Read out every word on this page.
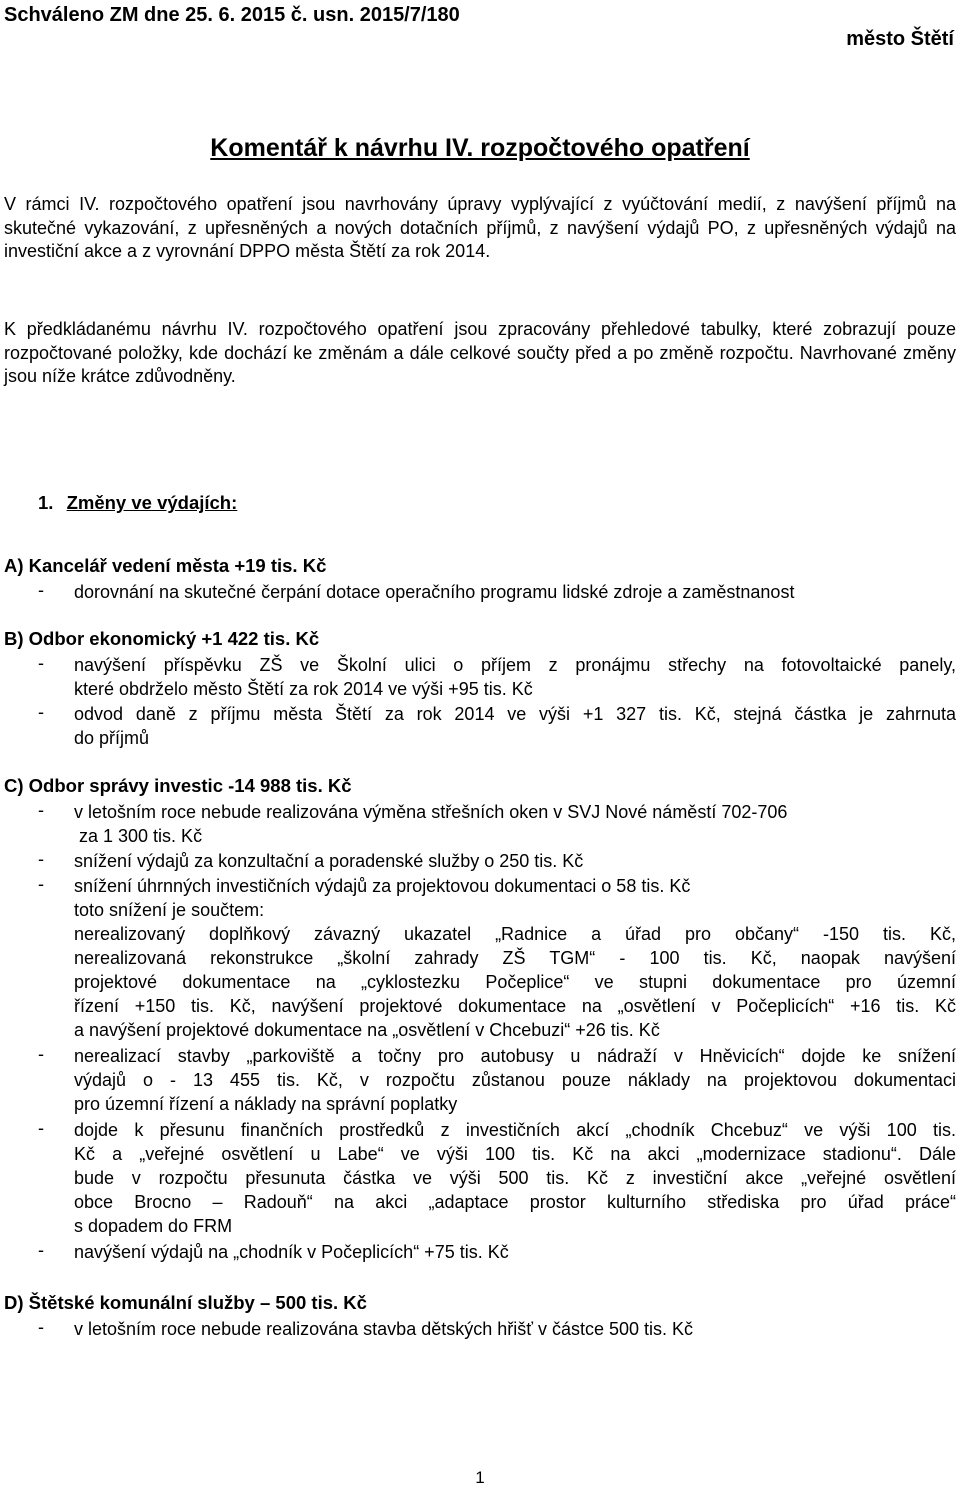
Schváleno ZM dne 25. 6. 2015 č. usn. 2015/7/180
město Štětí
Komentář k návrhu IV. rozpočtového opatření
V rámci IV. rozpočtového opatření jsou navrhovány úpravy vyplývající z vyúčtování medií, z navýšení příjmů na skutečné vykazování, z upřesněných a nových dotačních příjmů, z navýšení výdajů PO, z upřesněných výdajů na investiční akce a z vyrovnání DPPO města Štětí za rok 2014.
K předkládanému návrhu IV. rozpočtového opatření jsou zpracovány přehledové tabulky, které zobrazují pouze rozpočtované položky, kde dochází ke změnám a dále celkové součty před a po změně rozpočtu. Navrhované změny jsou níže krátce zdůvodněny.
1. Změny ve výdajích:
A) Kancelář vedení města +19 tis. Kč
- dorovnání na skutečné čerpání dotace operačního programu lidské zdroje a zaměstnanost
B) Odbor ekonomický +1 422 tis. Kč
- navýšení příspěvku ZŠ ve Školní ulici o příjem z pronájmu střechy na fotovoltaické panely,
které obdrželo město Štětí za rok 2014 ve výši +95 tis. Kč
- odvod daně z příjmu města Štětí za rok 2014 ve výši +1 327 tis. Kč, stejná částka je zahrnuta
do příjmů
C) Odbor správy investic -14 988 tis. Kč
- v letošním roce nebude realizována výměna střešních oken v SVJ Nové náměstí 702-706
za 1 300 tis. Kč
- snížení výdajů za konzultační a poradenské služby o 250 tis. Kč
- snížení úhrnných investičních výdajů za projektovou dokumentaci o 58 tis. Kč
toto snížení je součtem:
nerealizovaný doplňkový závazný ukazatel „Radnice a úřad pro občany“ -150 tis. Kč,
nerealizovaná rekonstrukce „školní zahrady ZŠ TGM“ - 100 tis. Kč, naopak navýšení
projektové dokumentace na „cyklostezku Počeplice“ ve stupni dokumentace pro územní
řízení +150 tis. Kč, navýšení projektové dokumentace na „osvětlení v Počeplicích“ +16 tis. Kč
a navýšení projektové dokumentace na „osvětlení v Chcebuzi“ +26 tis. Kč
- nerealizací stavby „parkoviště a točny pro autobusy u nádraží v Hněvicích“ dojde ke snížení
výdajů o - 13 455 tis. Kč, v rozpočtu zůstanou pouze náklady na projektovou dokumentaci
pro územní řízení a náklady na správní poplatky
- dojde k přesunu finančních prostředků z investičních akcí „chodník Chcebuz“ ve výši 100 tis.
Kč a „veřejné osvětlení u Labe“ ve výši 100 tis. Kč na akci „modernizace stadionu“. Dále
bude v rozpočtu přesunuta částka ve výši 500 tis. Kč z investiční akce „veřejné osvětlení
obce Brocno – Radouň“ na akci „adaptace prostor kulturního střediska pro úřad práce“
s dopadem do FRM
- navýšení výdajů na „chodník v Počeplicích“ +75 tis. Kč
D) Štětské komunální služby – 500 tis. Kč
- v letošním roce nebude realizována stavba dětských hřišť v částce 500 tis. Kč
1
